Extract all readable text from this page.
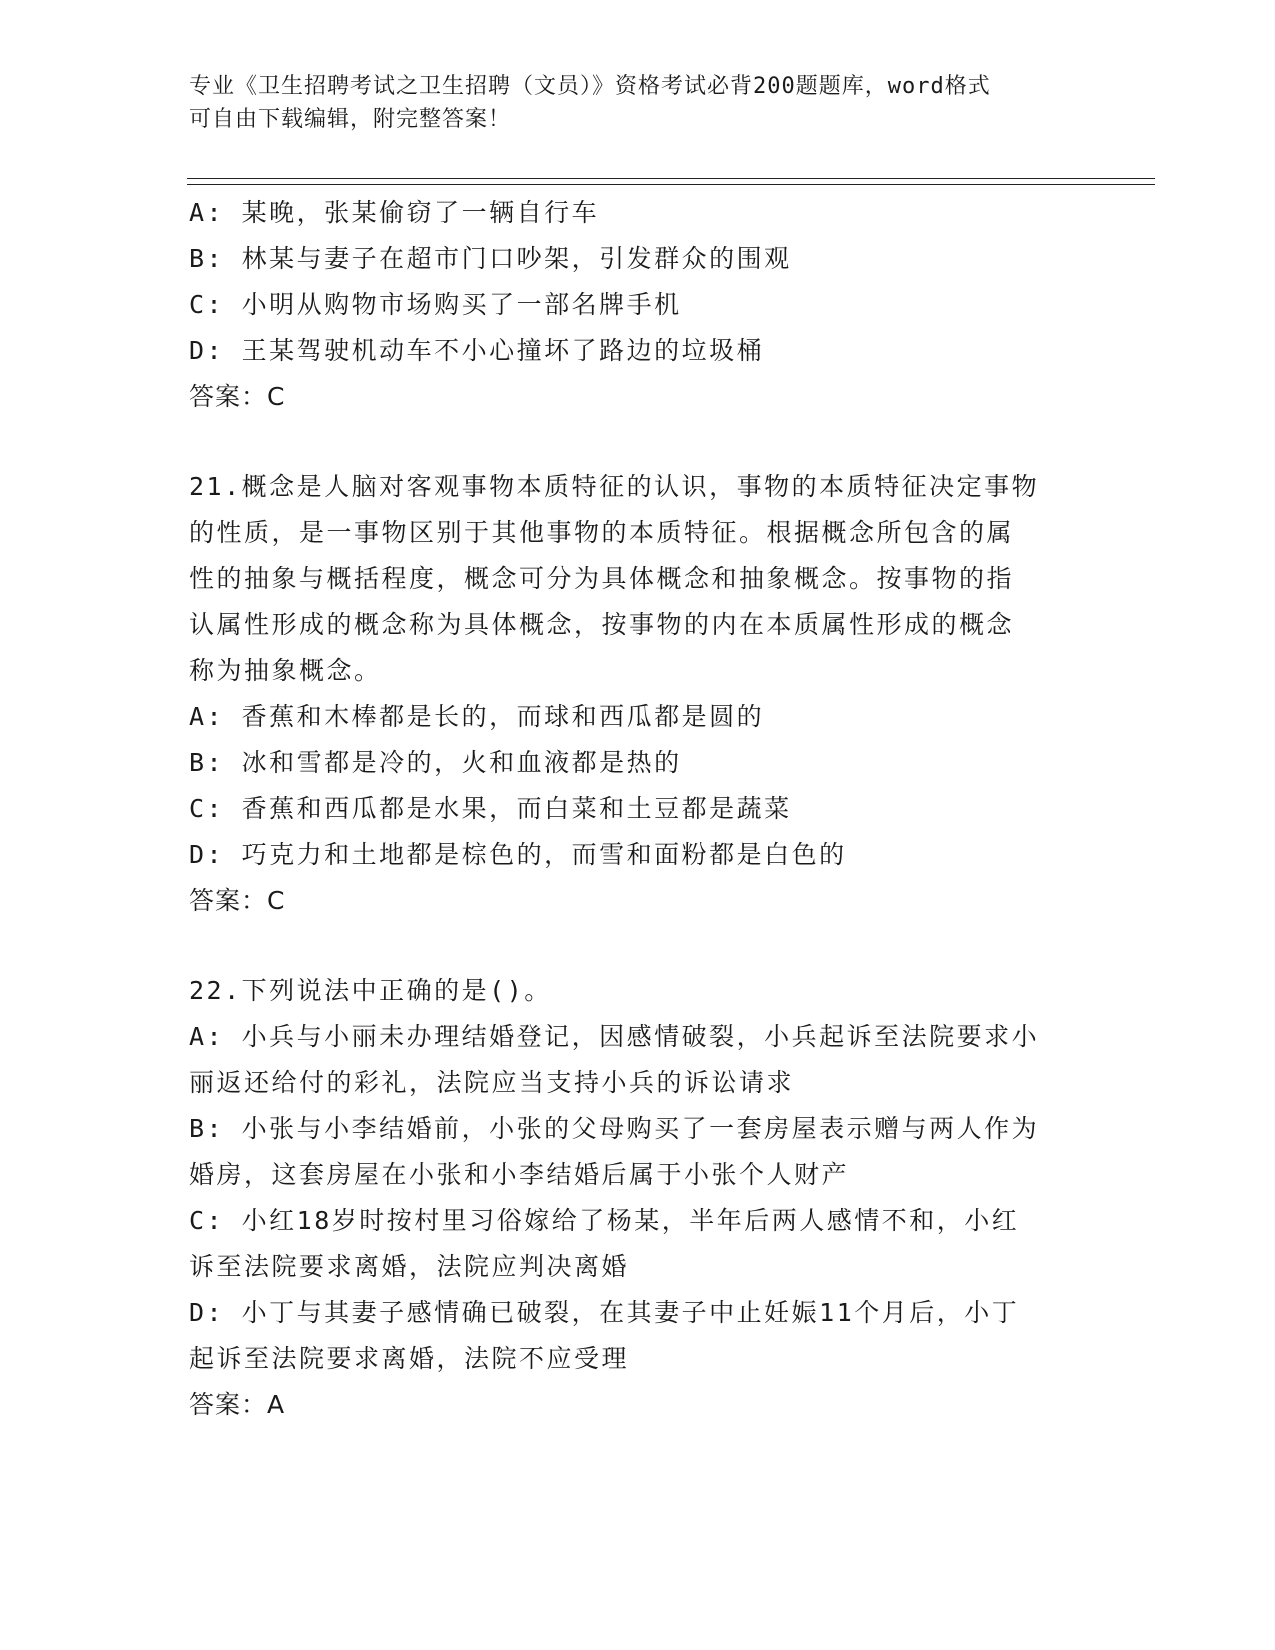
专业《卫生招聘考试之卫生招聘（文员）》资格考试必背200题题库，word格式
可自由下载编辑，附完整答案！
A: 某晚，张某偷窃了一辆自行车
B: 林某与妻子在超市门口吵架，引发群众的围观
C: 小明从购物市场购买了一部名牌手机
D: 王某驾驶机动车不小心撞坏了路边的垃圾桶
答案：C
21.概念是人脑对客观事物本质特征的认识，事物的本质特征决定事物
的性质，是一事物区别于其他事物的本质特征。根据概念所包含的属
性的抽象与概括程度，概念可分为具体概念和抽象概念。按事物的指
认属性形成的概念称为具体概念，按事物的内在本质属性形成的概念
称为抽象概念。
A: 香蕉和木棒都是长的，而球和西瓜都是圆的
B: 冰和雪都是冷的，火和血液都是热的
C: 香蕉和西瓜都是水果，而白菜和土豆都是蔬菜
D: 巧克力和土地都是棕色的，而雪和面粉都是白色的
答案：C
22.下列说法中正确的是()。
A: 小兵与小丽未办理结婚登记，因感情破裂，小兵起诉至法院要求小
丽返还给付的彩礼，法院应当支持小兵的诉讼请求
B: 小张与小李结婚前，小张的父母购买了一套房屋表示赠与两人作为
婚房，这套房屋在小张和小李结婚后属于小张个人财产
C: 小红18岁时按村里习俗嫁给了杨某，半年后两人感情不和，小红
诉至法院要求离婚，法院应判决离婚
D: 小丁与其妻子感情确已破裂，在其妻子中止妊娠11个月后，小丁
起诉至法院要求离婚，法院不应受理
答案：A
